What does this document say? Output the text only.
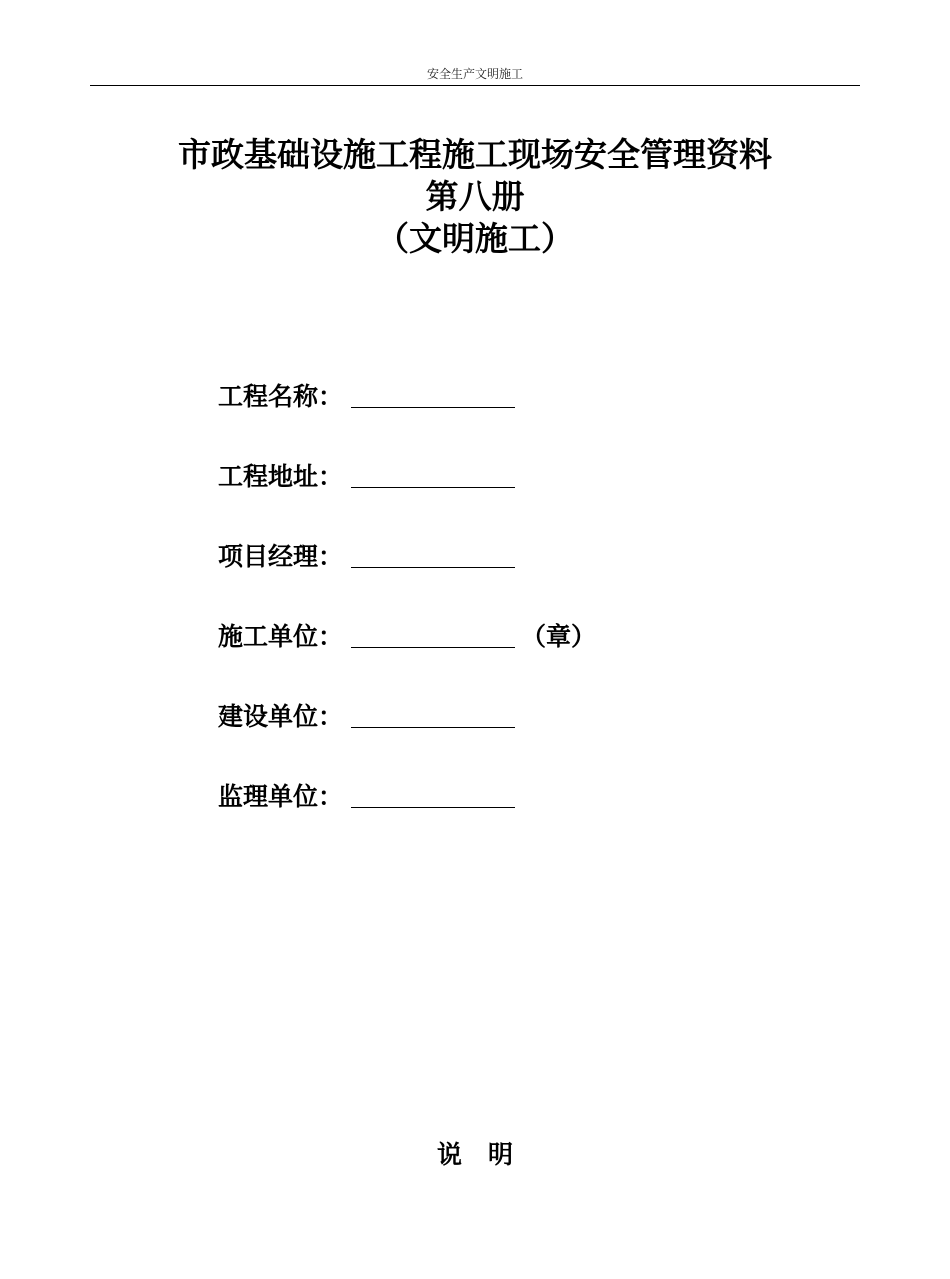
安全生产文明施工
市政基础设施工程施工现场安全管理资料
第八册
（文明施工）
工程名称：
工程地址：
项目经理：
施工单位：	（章）
建设单位：
监理单位：
说明
